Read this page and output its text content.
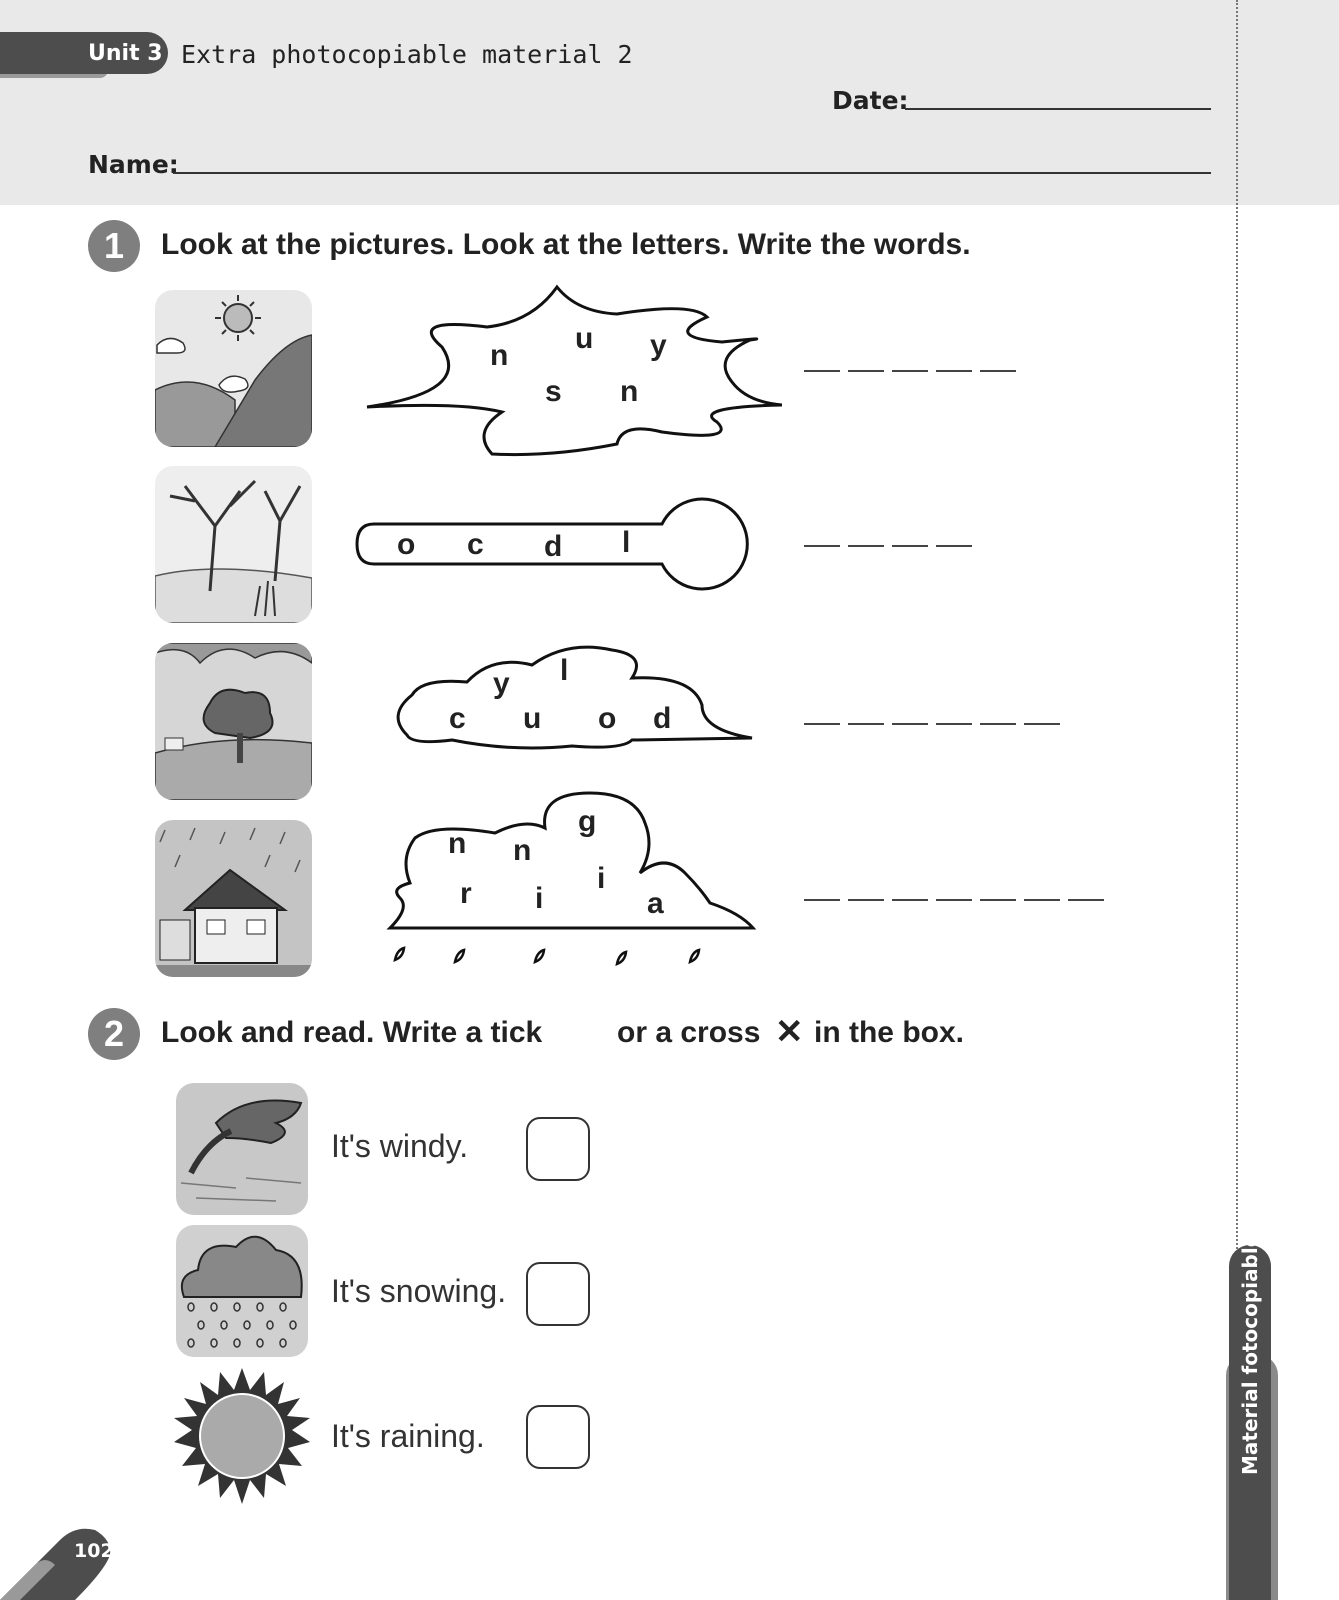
Unit 3 Extra photocopiable material 2
Date:
Name:
1	Look at the pictures. Look at the letters. Write the words.
n
u y
s n
o c d l
y l
c u o d
g
n n
i
r i	a
2	Look and read. Write a tick or a cross ✕ in the box.
It's windy.
It's snowing.
It's raining.	Material fotocopiable
102
